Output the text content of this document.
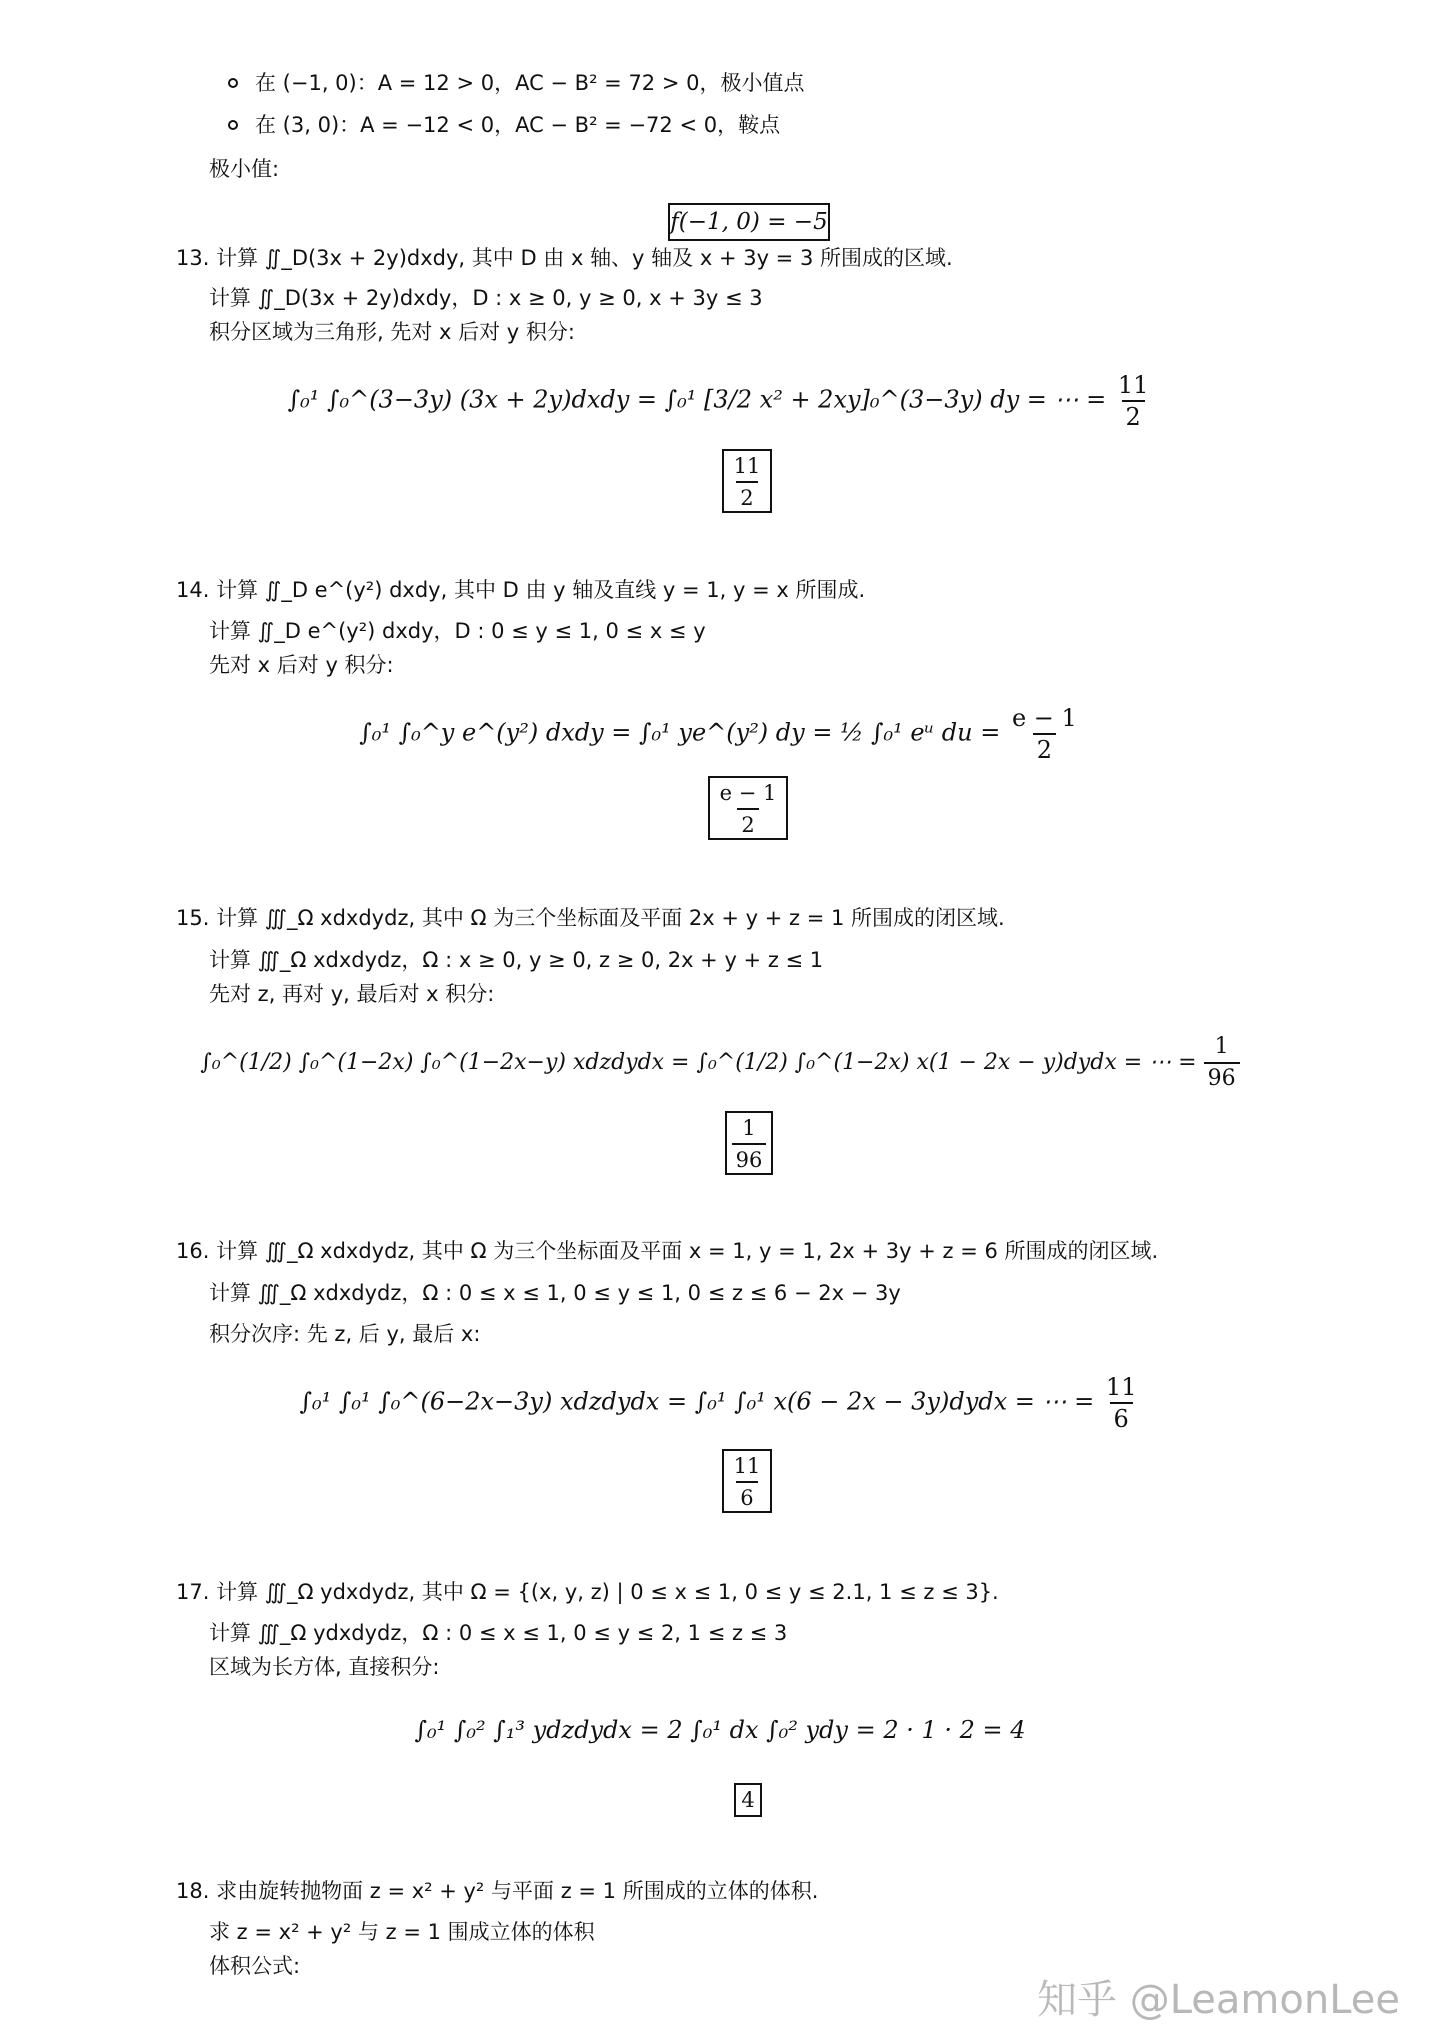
在 (−1, 0)：A = 12 > 0，AC − B² = 72 > 0，极小值点
在 (3, 0)：A = −12 < 0，AC − B² = −72 < 0，鞍点
极小值:
f(−1, 0) = −5
13. 计算 ∬_D(3x + 2y)dxdy, 其中 D 由 x 轴、y 轴及 x + 3y = 3 所围成的区域.
计算 ∬_D(3x + 2y)dxdy，D : x ≥ 0, y ≥ 0, x + 3y ≤ 3
积分区域为三角形, 先对 x 后对 y 积分:
∫₀¹ ∫₀^(3−3y) (3x + 2y)dxdy = ∫₀¹ [3/2 x² + 2xy]₀^(3−3y) dy = ⋯ = $\frac{11}{2}$
$\frac{11}{2}$
14. 计算 ∬_D e^(y²) dxdy, 其中 D 由 y 轴及直线 y = 1, y = x 所围成.
计算 ∬_D e^(y²) dxdy，D : 0 ≤ y ≤ 1, 0 ≤ x ≤ y
先对 x 后对 y 积分:
∫₀¹ ∫₀^y e^(y²) dxdy = ∫₀¹ ye^(y²) dy = ½ ∫₀¹ eᵘ du = $\frac{e - 1}{2}$
$\frac{e - 1}{2}$
15. 计算 ∭_Ω xdxdydz, 其中 Ω 为三个坐标面及平面 2x + y + z = 1 所围成的闭区域.
计算 ∭_Ω xdxdydz，Ω : x ≥ 0, y ≥ 0, z ≥ 0, 2x + y + z ≤ 1
先对 z, 再对 y, 最后对 x 积分:
∫₀^(1/2) ∫₀^(1−2x) ∫₀^(1−2x−y) xdzdydx = ∫₀^(1/2) ∫₀^(1−2x) x(1 − 2x − y)dydx = ⋯ = $\frac{1}{96}$
$\frac{1}{96}$
16. 计算 ∭_Ω xdxdydz, 其中 Ω 为三个坐标面及平面 x = 1, y = 1, 2x + 3y + z = 6 所围成的闭区域.
计算 ∭_Ω xdxdydz，Ω : 0 ≤ x ≤ 1, 0 ≤ y ≤ 1, 0 ≤ z ≤ 6 − 2x − 3y
积分次序: 先 z, 后 y, 最后 x:
∫₀¹ ∫₀¹ ∫₀^(6−2x−3y) xdzdydx = ∫₀¹ ∫₀¹ x(6 − 2x − 3y)dydx = ⋯ = $\frac{11}{6}$
$\frac{11}{6}$
17. 计算 ∭_Ω ydxdydz, 其中 Ω = {(x, y, z) | 0 ≤ x ≤ 1, 0 ≤ y ≤ 2.1, 1 ≤ z ≤ 3}.
计算 ∭_Ω ydxdydz，Ω : 0 ≤ x ≤ 1, 0 ≤ y ≤ 2, 1 ≤ z ≤ 3
区域为长方体, 直接积分:
∫₀¹ ∫₀² ∫₁³ ydzdydx = 2 ∫₀¹ dx ∫₀² ydy = 2 · 1 · 2 = 4
4
18. 求由旋转抛物面 z = x² + y² 与平面 z = 1 所围成的立体的体积.
求 z = x² + y² 与 z = 1 围成立体的体积
体积公式:
知乎 @LeamonLee
